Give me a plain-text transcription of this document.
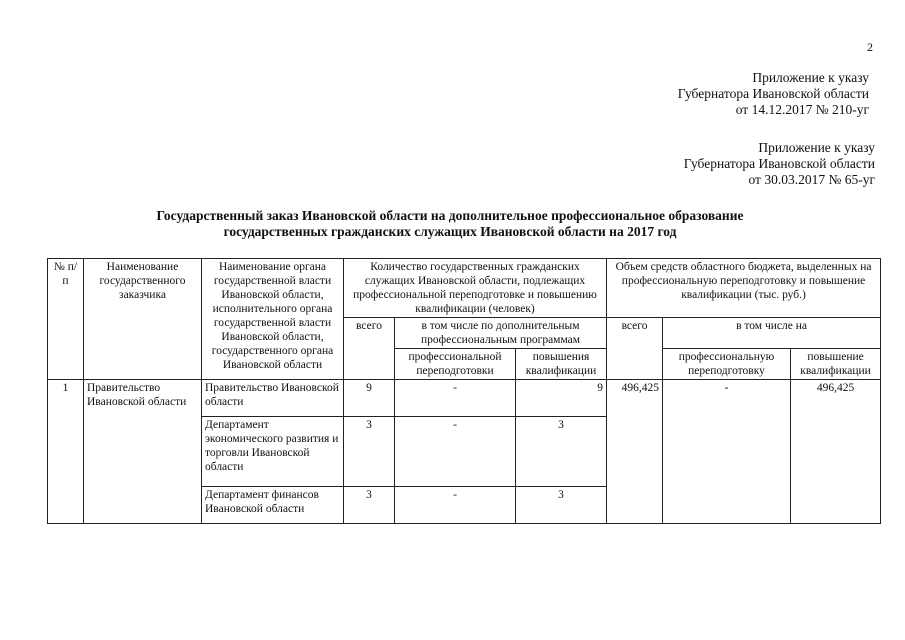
2
Приложение к указу
Губернатора Ивановской области
от 14.12.2017 № 210-уг
Приложение к указу
Губернатора Ивановской области
от 30.03.2017 № 65-уг
Государственный заказ Ивановской области на дополнительное профессиональное образование
государственных гражданских служащих Ивановской области на 2017 год
№ п/п	Наименование государственного заказчика	Наименование органа государственной власти Ивановской области, исполнительного органа государственной власти Ивановской области, государственного органа Ивановской области	Количество государственных гражданских служащих Ивановской области, подлежащих профессиональной переподготовке и повышению квалификации (человек)			Объем средств областного бюджета, выделенных на профессиональную переподготовку и повышение квалификации (тыс. руб.)		
			всего	в том числе по дополнительным профессиональным программам		всего	в том числе на	
				профессиональной переподготовки	повышения квалификации		профессиональную переподготовку	повышение квалификации
1	Правительство Ивановской области	Правительство Ивановской области	9	-	9	496,425	-	496,425
		Департамент экономического развития и торговли Ивановской области	3	-	3			
		Департамент финансов Ивановской области	3	-	3			
